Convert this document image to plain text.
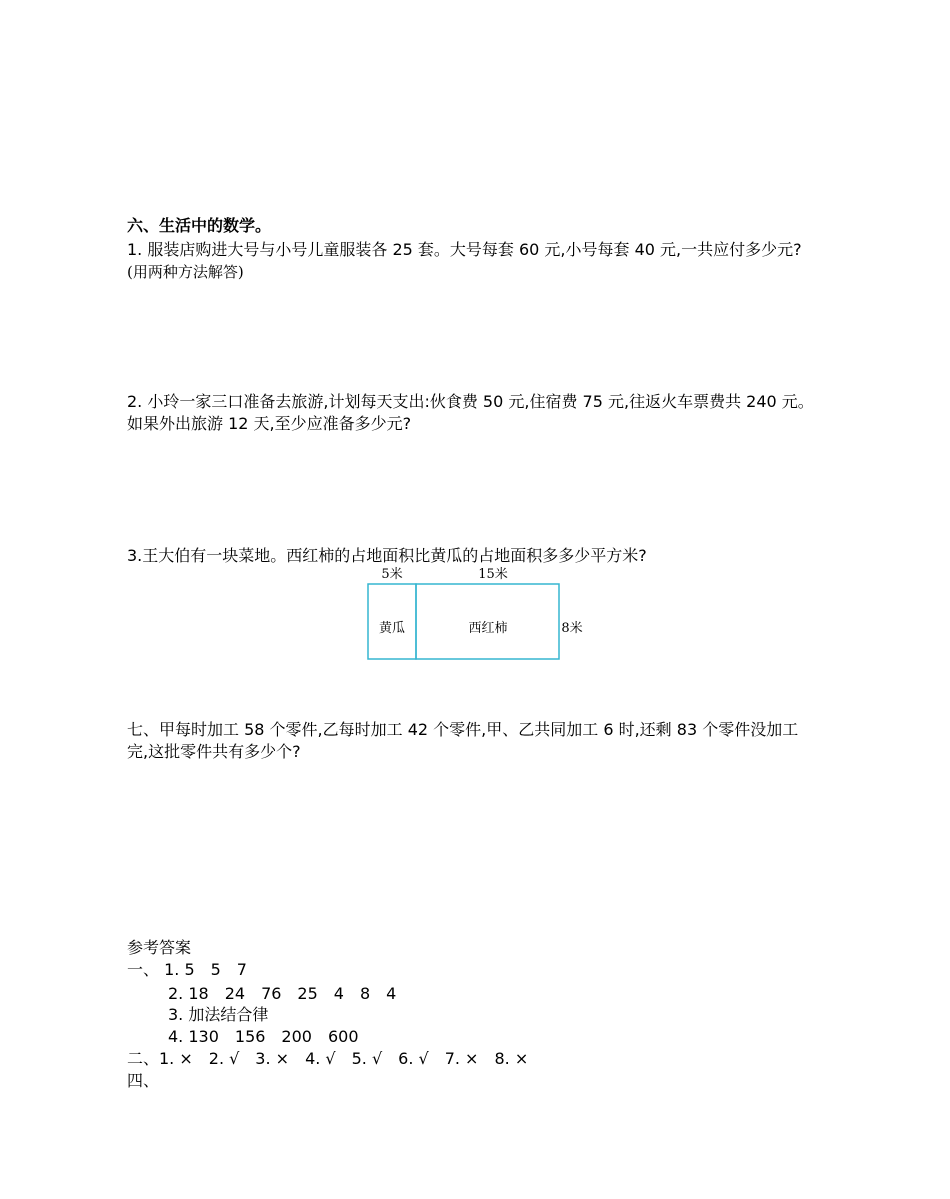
六、生活中的数学。
1. 服装店购进大号与小号儿童服装各 25 套。大号每套 60 元,小号每套 40 元,一共应付多少元?
(用两种方法解答)
2. 小玲一家三口准备去旅游,计划每天支出:伙食费 50 元,住宿费 75 元,往返火车票费共 240 元。
如果外出旅游 12 天,至少应准备多少元?
3.王大伯有一块菜地。西红柿的占地面积比黄瓜的占地面积多多少平方米?
5米	15米
黄瓜	西红柿	8米
七、甲每时加工 58 个零件,乙每时加工 42 个零件,甲、乙共同加工 6 时,还剩 83 个零件没加工
完,这批零件共有多少个?
参考答案
一、 1. 5　5　7
2. 18　24　76　25　4　8　4
3. 加法结合律
4. 130　156　200　600
二、1. ×　2. √　3. ×　4. √　5. √　6. √　7. ×　8. ×
四、
